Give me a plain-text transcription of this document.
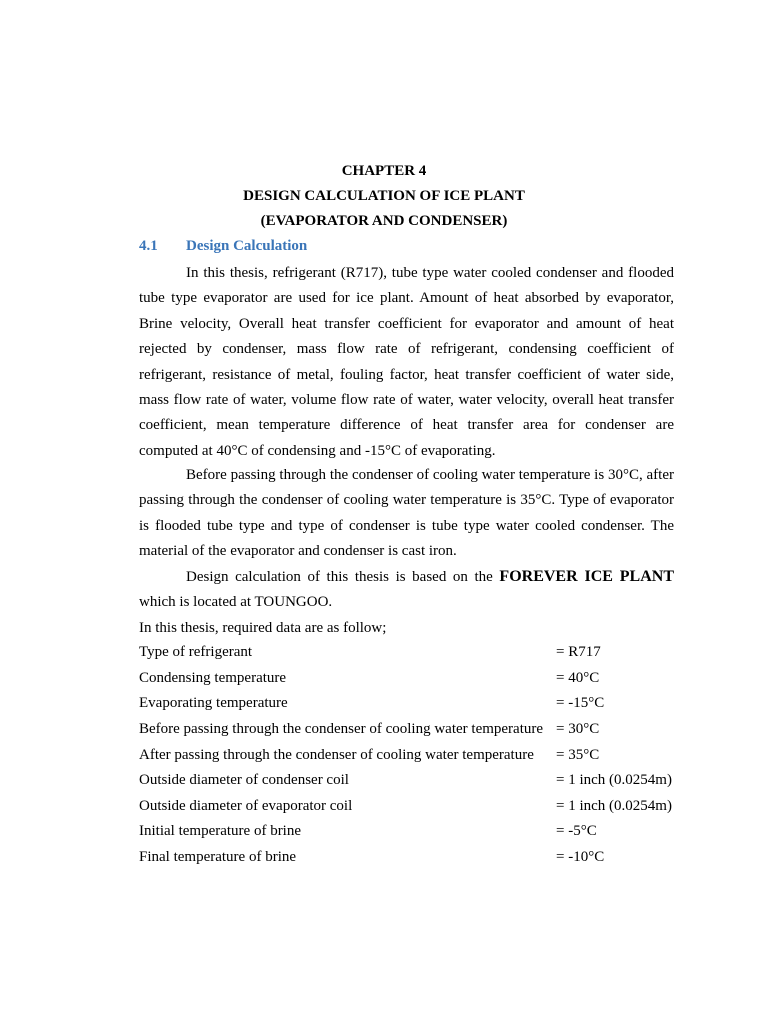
CHAPTER 4

DESIGN CALCULATION OF ICE PLANT

(EVAPORATOR AND CONDENSER)

4.1 Design Calculation

In this thesis, refrigerant (R717), tube type water cooled condenser and flooded tube type evaporator are used for ice plant. Amount of heat absorbed by evaporator, Brine velocity, Overall heat transfer coefficient for evaporator and amount of heat rejected by condenser, mass flow rate of refrigerant, condensing coefficient of refrigerant, resistance of metal, fouling factor, heat transfer coefficient of water side, mass flow rate of water, volume flow rate of water, water velocity, overall heat transfer coefficient, mean temperature difference of heat transfer area for condenser are computed at 40°C of condensing and -15°C of evaporating.

Before passing through the condenser of cooling water temperature is 30°C, after passing through the condenser of cooling water temperature is 35°C. Type of evaporator is flooded tube type and type of condenser is tube type water cooled condenser. The material of the evaporator and condenser is cast iron.

Design calculation of this thesis is based on the FOREVER ICE PLANT which is located at TOUNGOO.
In this thesis, required data are as follow;

Type of refrigerant	= R717
Condensing temperature	= 40°C
Evaporating temperature	= -15°C
Before passing through the condenser of cooling water temperature	= 30°C
After passing through the condenser of cooling water temperature	= 35°C
Outside diameter of condenser coil	= 1 inch (0.0254m)
Outside diameter of evaporator coil	= 1 inch (0.0254m)
Initial temperature of brine	= -5°C
Final temperature of brine	= -10°C
